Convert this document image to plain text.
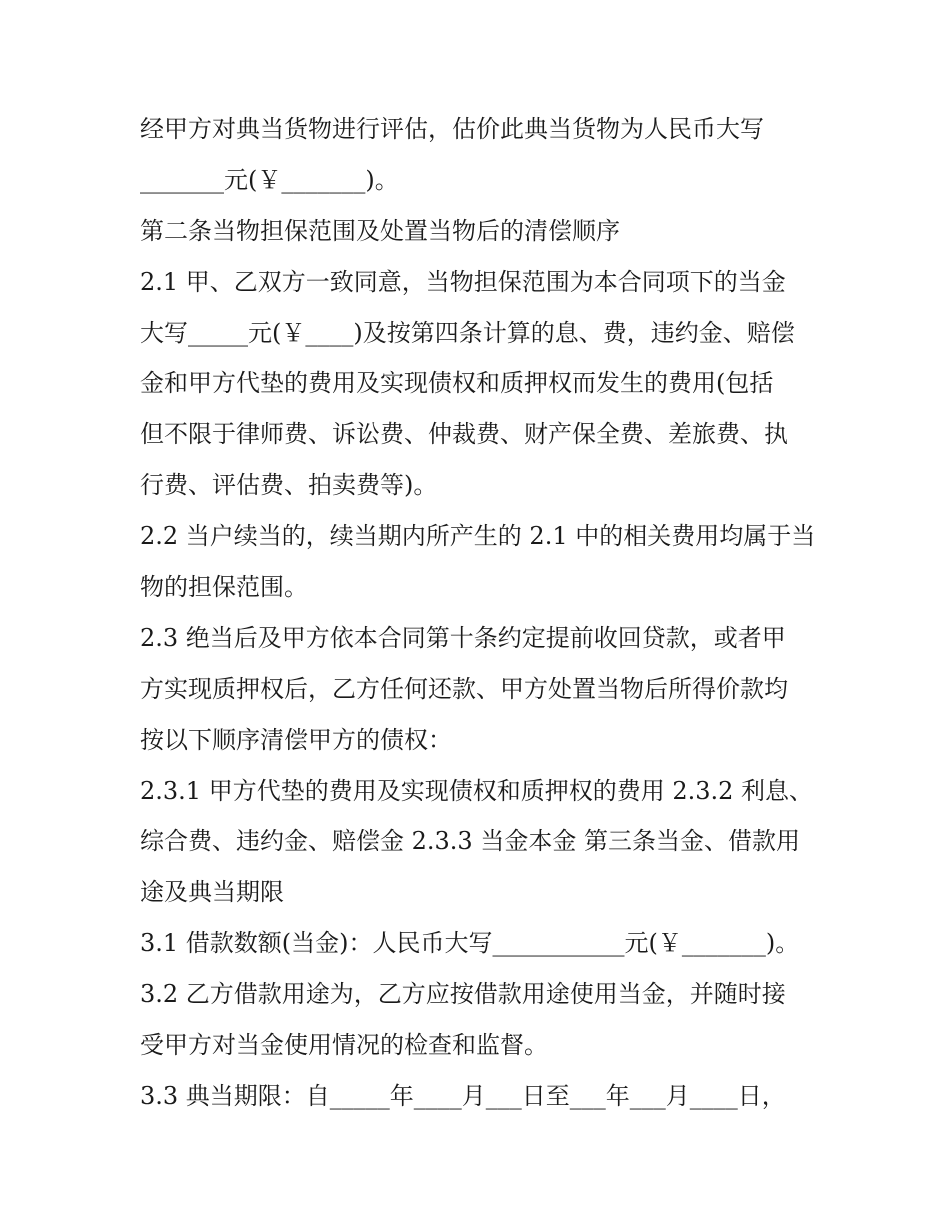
经甲方对典当货物进行评估，估价此典当货物为人民币大写
_______元(￥_______)。
第二条当物担保范围及处置当物后的清偿顺序
2.1 甲、乙双方一致同意，当物担保范围为本合同项下的当金
大写_____元(￥____)及按第四条计算的息、费，违约金、赔偿
金和甲方代垫的费用及实现债权和质押权而发生的费用(包括
但不限于律师费、诉讼费、仲裁费、财产保全费、差旅费、执
行费、评估费、拍卖费等)。
2.2 当户续当的，续当期内所产生的 2.1 中的相关费用均属于当
物的担保范围。
2.3 绝当后及甲方依本合同第十条约定提前收回贷款，或者甲
方实现质押权后，乙方任何还款、甲方处置当物后所得价款均
按以下顺序清偿甲方的债权：
2.3.1 甲方代垫的费用及实现债权和质押权的费用 2.3.2 利息、
综合费、违约金、赔偿金 2.3.3 当金本金 第三条当金、借款用
途及典当期限
3.1 借款数额(当金)：人民币大写___________元(￥_______)。
3.2 乙方借款用途为，乙方应按借款用途使用当金，并随时接
受甲方对当金使用情况的检查和监督。
3.3 典当期限：自_____年____月___日至___年___月____日，
